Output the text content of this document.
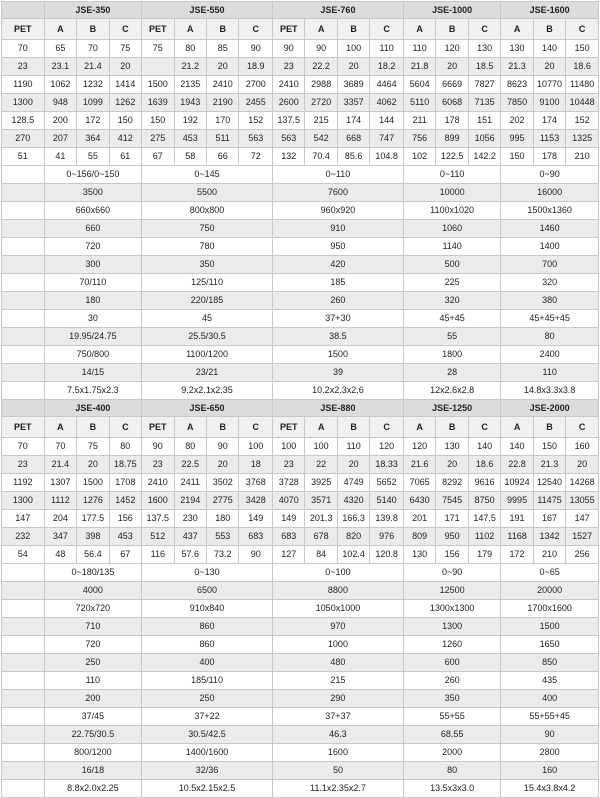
	JSE-350			JSE-550				JSE-760				JSE-1000			JSE-1600		
PET	A	B	C	PET	A	B	C	PET	A	B	C	A	B	C	A	B	C
70	65	70	75	75	80	85	90	90	90	100	110	110	120	130	130	140	150
23	23.1	21.4	20		21.2	20	18.9	23	22.2	20	18.2	21.8	20	18.5	21.3	20	18.6
1190	1062	1232	1414	1500	2135	2410	2700	2410	2988	3689	4464	5604	6669	7827	8623	10770	11480
1300	948	1099	1262	1639	1943	2190	2455	2600	2720	3357	4062	5110	6068	7135	7850	9100	10448
128.5	200	172	150	150	192	170	152	137.5	215	174	144	211	178	151	202	174	152
270	207	364	412	275	453	511	563	563	542	668	747	756	899	1056	995	1153	1325
51	41	55	61	67	58	66	72	132	70.4	85.6	104.8	102	122.5	142.2	150	178	210
	0~156/0~150			0~145				0~110				0~110			0~90		
	3500			5500				7600				10000			16000		
	660x660			800x800				960x920				1100x1020			1500x1360		
	660			750				910				1060			1460		
	720			780				950				1140			1400		
	300			350				420				500			700		
	70/110			125/110				185				225			320		
	180			220/185				260				320			380		
	30			45				37+30				45+45			45+45+45		
	19.95/24.75			25.5/30.5				38.5				55			80		
	750/800			1100/1200				1500				1800			2400		
	14/15			23/21				39				28			110		
	7.5x1.75x2.3			9.2x2.1x2.35				10.2x2.3x2.6				12x2.6x2.8			14.8x3.3x3.8		
	JSE-400			JSE-650				JSE-880				JSE-1250			JSE-2000		
PET	A	B	C	PET	A	B	C	PET	A	B	C	A	B	C	A	B	C
70	70	75	80	90	80	90	100	100	100	110	120	120	130	140	140	150	160
23	21.4	20	18.75	23	22.5	20	18	23	22	20	18.33	21.6	20	18.6	22.8	21.3	20
1192	1307	1500	1708	2410	2411	3502	3768	3728	3925	4749	5652	7065	8292	9616	10924	12540	14268
1300	1112	1276	1452	1600	2194	2775	3428	4070	3571	4320	5140	6430	7545	8750	9995	11475	13055
147	204	177.5	156	137.5	230	180	149	149	201.3	166.3	139.8	201	171	147.5	191	167	147
232	347	398	453	512	437	553	683	683	678	820	976	809	950	1102	1168	1342	1527
54	48	56.4	67	116	57.6	73.2	90	127	84	102.4	120.8	130	156	179	172	210	256
	0~180/135			0~130				0~100				0~90			0~65		
	4000			6500				8800				12500			20000		
	720x720			910x840				1050x1000				1300x1300			1700x1600		
	710			860				970				1300			1500		
	720			860				1000				1260			1650		
	250			400				480				600			850		
	110			185/110				215				260			435		
	200			250				290				350			400		
	37/45			37+22				37+37				55+55			55+55+45		
	22.75/30.5			30.5/42.5				46.3				68.55			90		
	800/1200			1400/1600				1600				2000			2800		
	16/18			32/36				50				80			160		
	8.8x2.0x2.25			10.5x2.15x2.5				11.1x2.35x2.7				13.5x3x3.0			15.4x3.8x4.2		
